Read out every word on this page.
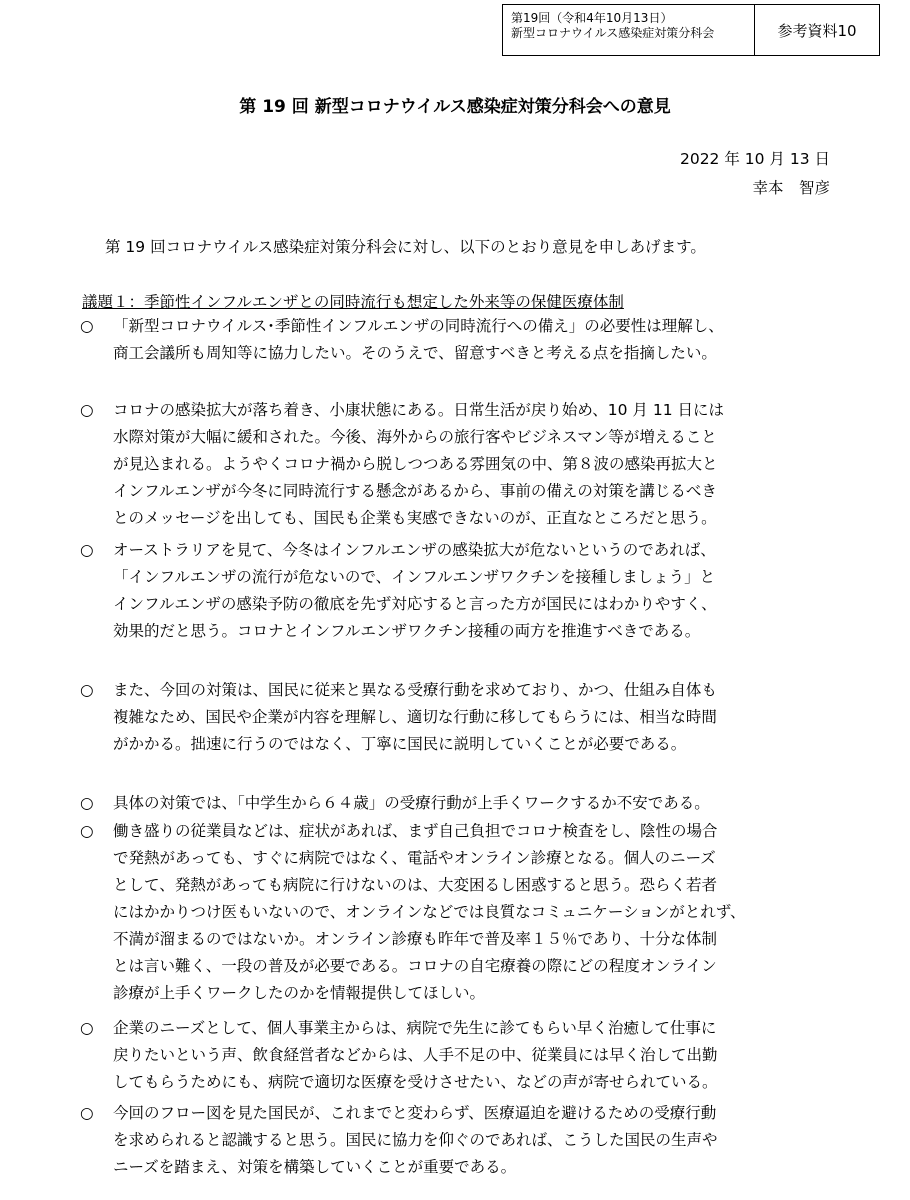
第19回（令和4年10月13日）
新型コロナウイルス感染症対策分科会	参考資料10
第 19 回 新型コロナウイルス感染症対策分科会への意見
2022 年 10 月 13 日
幸本　智彦
第 19 回コロナウイルス感染症対策分科会に対し、以下のとおり意見を申しあげます。
議題１：季節性インフルエンザとの同時流行も想定した外来等の保健医療体制
○ 「新型コロナウイルス･季節性インフルエンザの同時流行への備え」の必要性は理解し、
商工会議所も周知等に協力したい。そのうえで、留意すべきと考える点を指摘したい。
○ コロナの感染拡大が落ち着き、小康状態にある。日常生活が戻り始め、10 月 11 日には
水際対策が大幅に緩和された。今後、海外からの旅行客やビジネスマン等が増えること
が見込まれる。ようやくコロナ禍から脱しつつある雰囲気の中、第８波の感染再拡大と
インフルエンザが今冬に同時流行する懸念があるから、事前の備えの対策を講じるべき
とのメッセージを出しても、国民も企業も実感できないのが、正直なところだと思う。
○ オーストラリアを見て、今冬はインフルエンザの感染拡大が危ないというのであれば、
「インフルエンザの流行が危ないので、インフルエンザワクチンを接種しましょう」と
インフルエンザの感染予防の徹底を先ず対応すると言った方が国民にはわかりやすく、
効果的だと思う。コロナとインフルエンザワクチン接種の両方を推進すべきである。
○ また、今回の対策は、国民に従来と異なる受療行動を求めており、かつ、仕組み自体も
複雑なため、国民や企業が内容を理解し、適切な行動に移してもらうには、相当な時間
がかかる。拙速に行うのではなく、丁寧に国民に説明していくことが必要である。
○ 具体の対策では、「中学生から６４歳」の受療行動が上手くワークするか不安である。
○ 働き盛りの従業員などは、症状があれば、まず自己負担でコロナ検査をし、陰性の場合
で発熱があっても、すぐに病院ではなく、電話やオンライン診療となる。個人のニーズ
として、発熱があっても病院に行けないのは、大変困るし困惑すると思う。恐らく若者
にはかかりつけ医もいないので、オンラインなどでは良質なコミュニケーションがとれず、
不満が溜まるのではないか。オンライン診療も昨年で普及率１５％であり、十分な体制
とは言い難く、一段の普及が必要である。コロナの自宅療養の際にどの程度オンライン
診療が上手くワークしたのかを情報提供してほしい。
○ 企業のニーズとして、個人事業主からは、病院で先生に診てもらい早く治癒して仕事に
戻りたいという声、飲食経営者などからは、人手不足の中、従業員には早く治して出勤
してもらうためにも、病院で適切な医療を受けさせたい、などの声が寄せられている。
○ 今回のフロー図を見た国民が、これまでと変わらず、医療逼迫を避けるための受療行動
を求められると認識すると思う。国民に協力を仰ぐのであれば、こうした国民の生声や
ニーズを踏まえ、対策を構築していくことが重要である。
